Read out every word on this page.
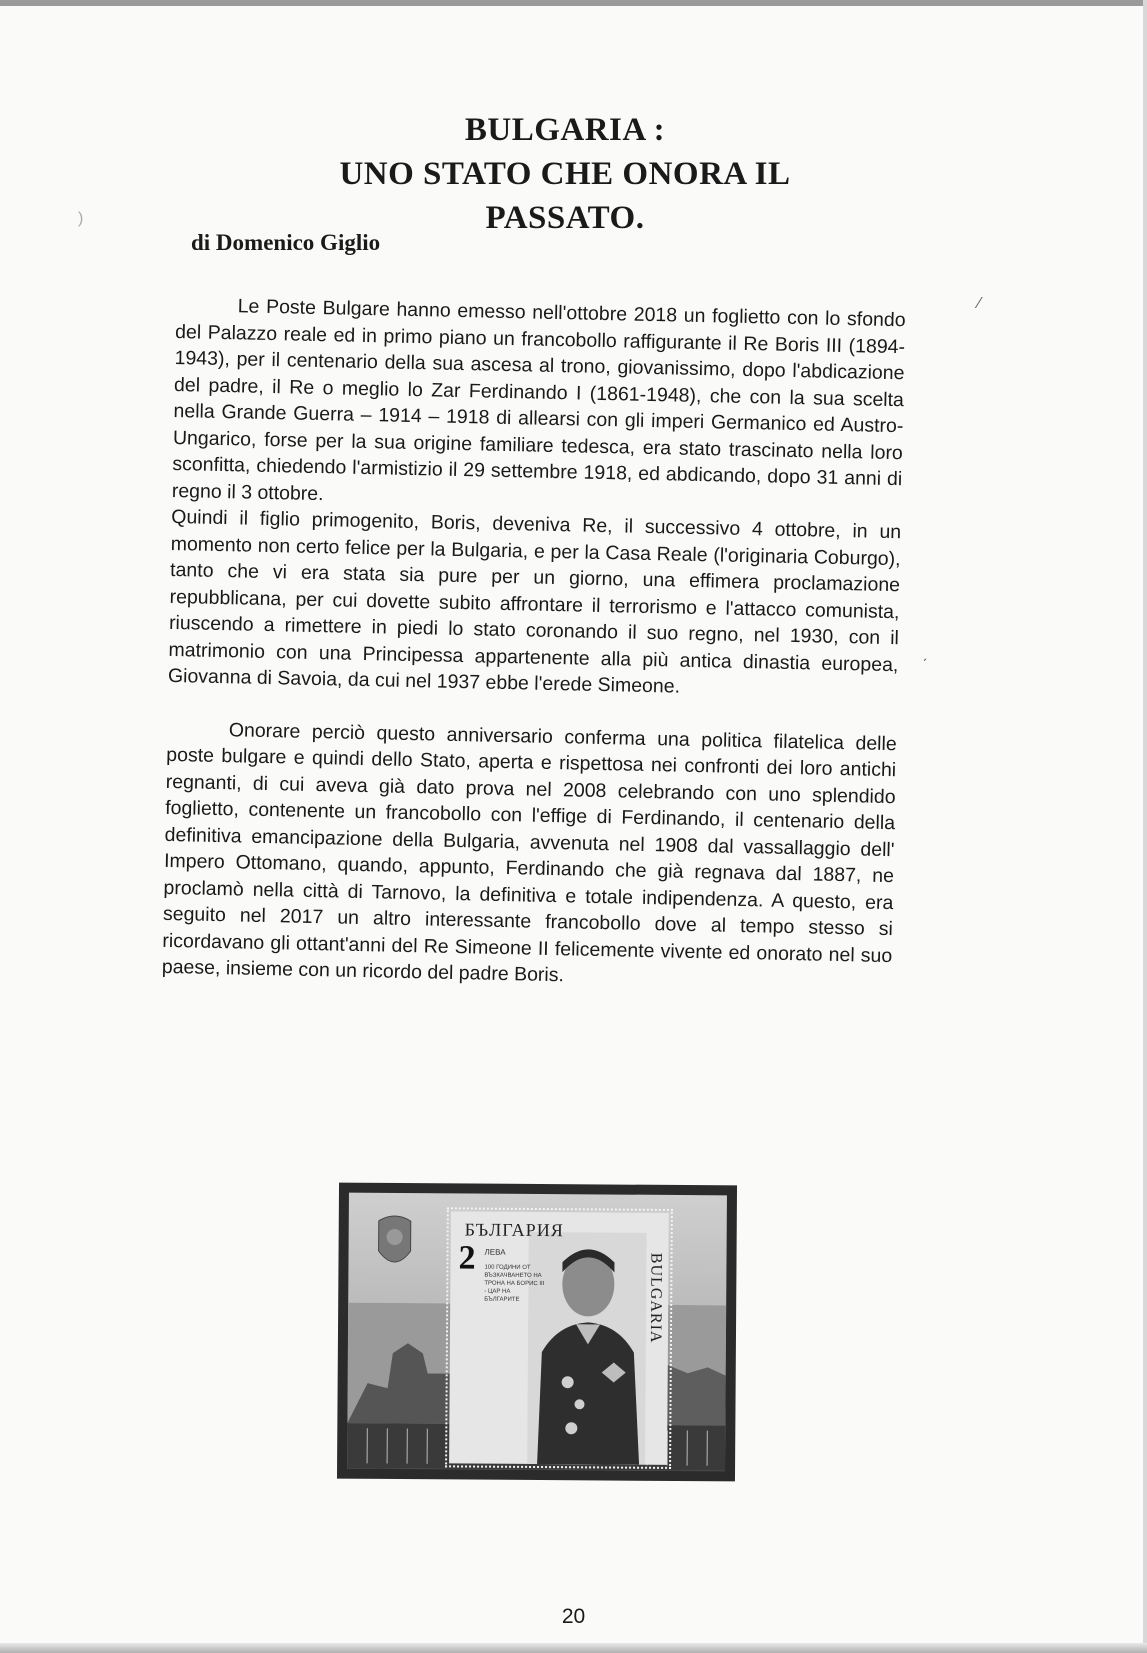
BULGARIA :
UNO STATO CHE ONORA IL
PASSATO.
di Domenico Giglio

Le Poste Bulgare hanno emesso nell'ottobre 2018 un foglietto con lo sfondo del Palazzo reale ed in primo piano un francobollo raffigurante il Re Boris III (1894-1943), per il centenario della sua ascesa al trono, giovanissimo, dopo l'abdicazione del padre, il Re o meglio lo Zar Ferdinando I (1861-1948), che con la sua scelta nella Grande Guerra – 1914 – 1918 di allearsi con gli imperi Germanico ed Austro-Ungarico, forse per la sua origine familiare tedesca, era stato trascinato nella loro sconfitta, chiedendo l'armistizio il 29 settembre 1918, ed abdicando, dopo 31 anni di regno il 3 ottobre.

Quindi il figlio primogenito, Boris, deveniva Re, il successivo 4 ottobre, in un momento non certo felice per la Bulgaria, e per la Casa Reale (l'originaria Coburgo), tanto che vi era stata sia pure per un giorno, una effimera proclamazione repubblicana, per cui dovette subito affrontare il terrorismo e l'attacco comunista, riuscendo a rimettere in piedi lo stato coronando il suo regno, nel 1930, con il matrimonio con una Principessa appartenente alla più antica dinastia europea, Giovanna di Savoia, da cui nel 1937 ebbe l'erede Simeone.

Onorare perciò questo anniversario conferma una politica filatelica delle poste bulgare e quindi dello Stato, aperta e rispettosa nei confronti dei loro antichi regnanti, di cui aveva già dato prova nel 2008 celebrando con uno splendido foglietto, contenente un francobollo con l'effige di Ferdinando, il centenario della definitiva emancipazione della Bulgaria, avvenuta nel 1908 dal vassallaggio dell' Impero Ottomano, quando, appunto, Ferdinando che già regnava dal 1887, ne proclamò nella città di Tarnovo, la definitiva e totale indipendenza. A questo, era seguito nel 2017 un altro interessante francobollo dove al tempo stesso si ricordavano gli ottant'anni del Re Simeone II felicemente vivente ed onorato nel suo paese, insieme con un ricordo del padre Boris.

⁄
ˏ
)
БЪЛГАРИЯ
2 ЛЕВА
100 ГОДИНИ ОТ ВЪЗКАЧВАНЕТО НА ТРОНА НА БОРИС III - ЦАР НА БЪЛГАРИТЕ	BULGARIA
20
